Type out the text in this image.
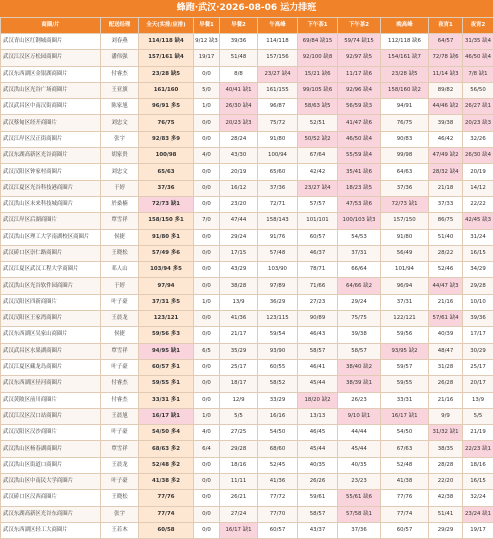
蜂跑·武汉·2026-08-06 运力排班
商圈/片	配送经理	全天(实排/应排)	早餐1	早餐2	午高峰	下午茶1	下午茶2	晚高峰	夜宵1	夜宵2
武汉青山区红钢城商圈片	刘春燕	114/118 缺4	9/12 缺3	39/36	114/118	69/84 缺15	59/74 缺15	112/118 缺6	64/57	31/35 缺4
武汉江汉区万松园商圈片	潘伟强	157/161 缺4	19/17	51/48	157/156	92/100 缺8	92/97 缺5	154/161 缺7	72/78 缺6	46/50 缺4
武汉东西湖区金银湖商圈片	付睿杰	23/28 缺5	0/0	8/8	23/27 缺4	15/21 缺6	11/17 缺6	23/28 缺5	11/14 缺3	7/8 缺1
武汉洪山区光谷广场商圈片	王亚旗	161/160	5/0	40/41 缺1	161/155	99/105 缺6	92/96 缺4	158/160 缺2	89/82	56/50
武汉武昌区中南汉街商圈片	陈家旭	96/91 多5	1/0	26/30 缺4	96/87	58/63 缺5	56/59 缺3	94/91	44/46 缺2	26/27 缺1
武汉蔡甸区经开商圈片	刘忠文	76/75	0/0	20/23 缺3	75/72	52/51	41/47 缺6	76/75	39/38	20/23 缺3
武汉江岸区汉正街商圈片	张宇	92/83 多9	0/0	28/24	91/80	50/52 缺2	46/50 缺4	90/83	46/42	32/26
武汉东湖高新区光谷商圈片	胡家贵	100/98	4/0	43/30	100/94	67/64	55/59 缺4	99/98	47/49 缺2	26/30 缺4
武汉汉阳区钟家村商圈片	刘忠文	65/63	0/0	20/19	65/60	42/42	35/41 缺6	64/63	28/32 缺4	20/19
武汉江夏区光谷科技港商圈片	于婷	37/36	0/0	16/12	37/36	23/27 缺4	18/23 缺5	37/36	21/18	14/12
武汉洪山区未来科技城商圈片	於桑楠	72/73 缺1	0/0	23/20	72/71	57/57	47/53 缺6	72/73 缺1	37/33	22/22
武汉江岸区后湖商圈片	覃雪祥	158/150 多1	7/0	47/44	158/143	101/101	100/103 缺3	157/150	86/75	42/45 缺3
武汉洪山区理工大学南湖校区商圈片	侯捷	91/80 多1	0/0	29/24	91/76	60/57	54/53	91/80	51/40	31/24
武汉硚口区崇仁路商圈片	王晓松	57/49 多6	0/0	17/15	57/48	46/37	37/31	56/49	28/22	16/15
武汉江夏区武汉工程大学商圈片	邓人山	103/94 多5	0/0	43/29	103/90	78/71	66/64	101/94	52/46	34/29
武汉洪山区光谷软件园商圈片	于婷	97/94	0/0	38/28	97/89	71/66	64/66 缺2	96/94	44/47 缺3	29/28
武汉汉阳区四新商圈片	叶子豪	37/31 多5	1/0	13/9	36/29	27/23	29/24	37/31	21/16	10/10
武汉汉阳区王家湾商圈片	王晨龙	123/121	0/0	41/36	123/115	90/89	75/75	122/121	57/61 缺4	39/36
武汉东西湖区吴家山商圈片	侯捷	59/56 多3	0/0	21/17	59/54	46/43	39/38	59/56	40/39	17/17
武汉武昌区水果湖商圈片	覃雪祥	94/95 缺1	6/5	35/29	93/90	58/57	58/57	93/95 缺2	48/47	30/29
武汉江夏区藏龙岛商圈片	叶子豪	60/57 多1	0/0	25/17	60/55	46/41	38/40 缺2	59/57	31/28	25/17
武汉东西湖区径河商圈片	付睿杰	59/55 多1	0/0	18/17	58/52	45/44	38/39 缺1	59/55	26/28	20/17
武汉黄陂区前川商圈片	付睿杰	33/31 多1	0/0	12/9	33/29	18/20 缺2	26/23	33/31	21/16	13/9
武汉江汉区汉口站商圈片	王晨旭	16/17 缺1	1/0	5/5	16/16	13/13	9/10 缺1	16/17 缺1	9/9	5/5
武汉汉阳区汉沙商圈片	叶子豪	54/50 多4	4/0	27/25	54/50	46/45	44/44	54/50	31/32 缺1	21/19
武汉洪山区杨春湖商圈片	覃雪祥	68/63 多2	6/4	29/28	68/60	45/44	45/44	67/63	38/35	22/23 缺1
武汉洪山区街道口商圈片	王晨龙	52/48 多2	0/0	18/16	52/45	40/35	40/35	52/48	28/28	18/16
武汉洪山区中南民大学商圈片	叶子豪	41/38 多2	0/0	11/11	41/36	26/26	23/23	41/38	22/20	16/15
武汉硚口区汉西商圈片	王晓松	77/76	0/0	26/21	77/72	59/61	55/61 缺6	77/76	42/38	32/24
武汉东湖高新区光谷东商圈片	张宇	77/74	0/0	27/24	77/70	58/57	57/58 缺1	77/74	51/41	23/24 缺1
武汉东西湖区轻工大商圈片	王若木	60/58	0/0	16/17 缺1	60/57	43/37	37/36	60/57	29/29	19/17
